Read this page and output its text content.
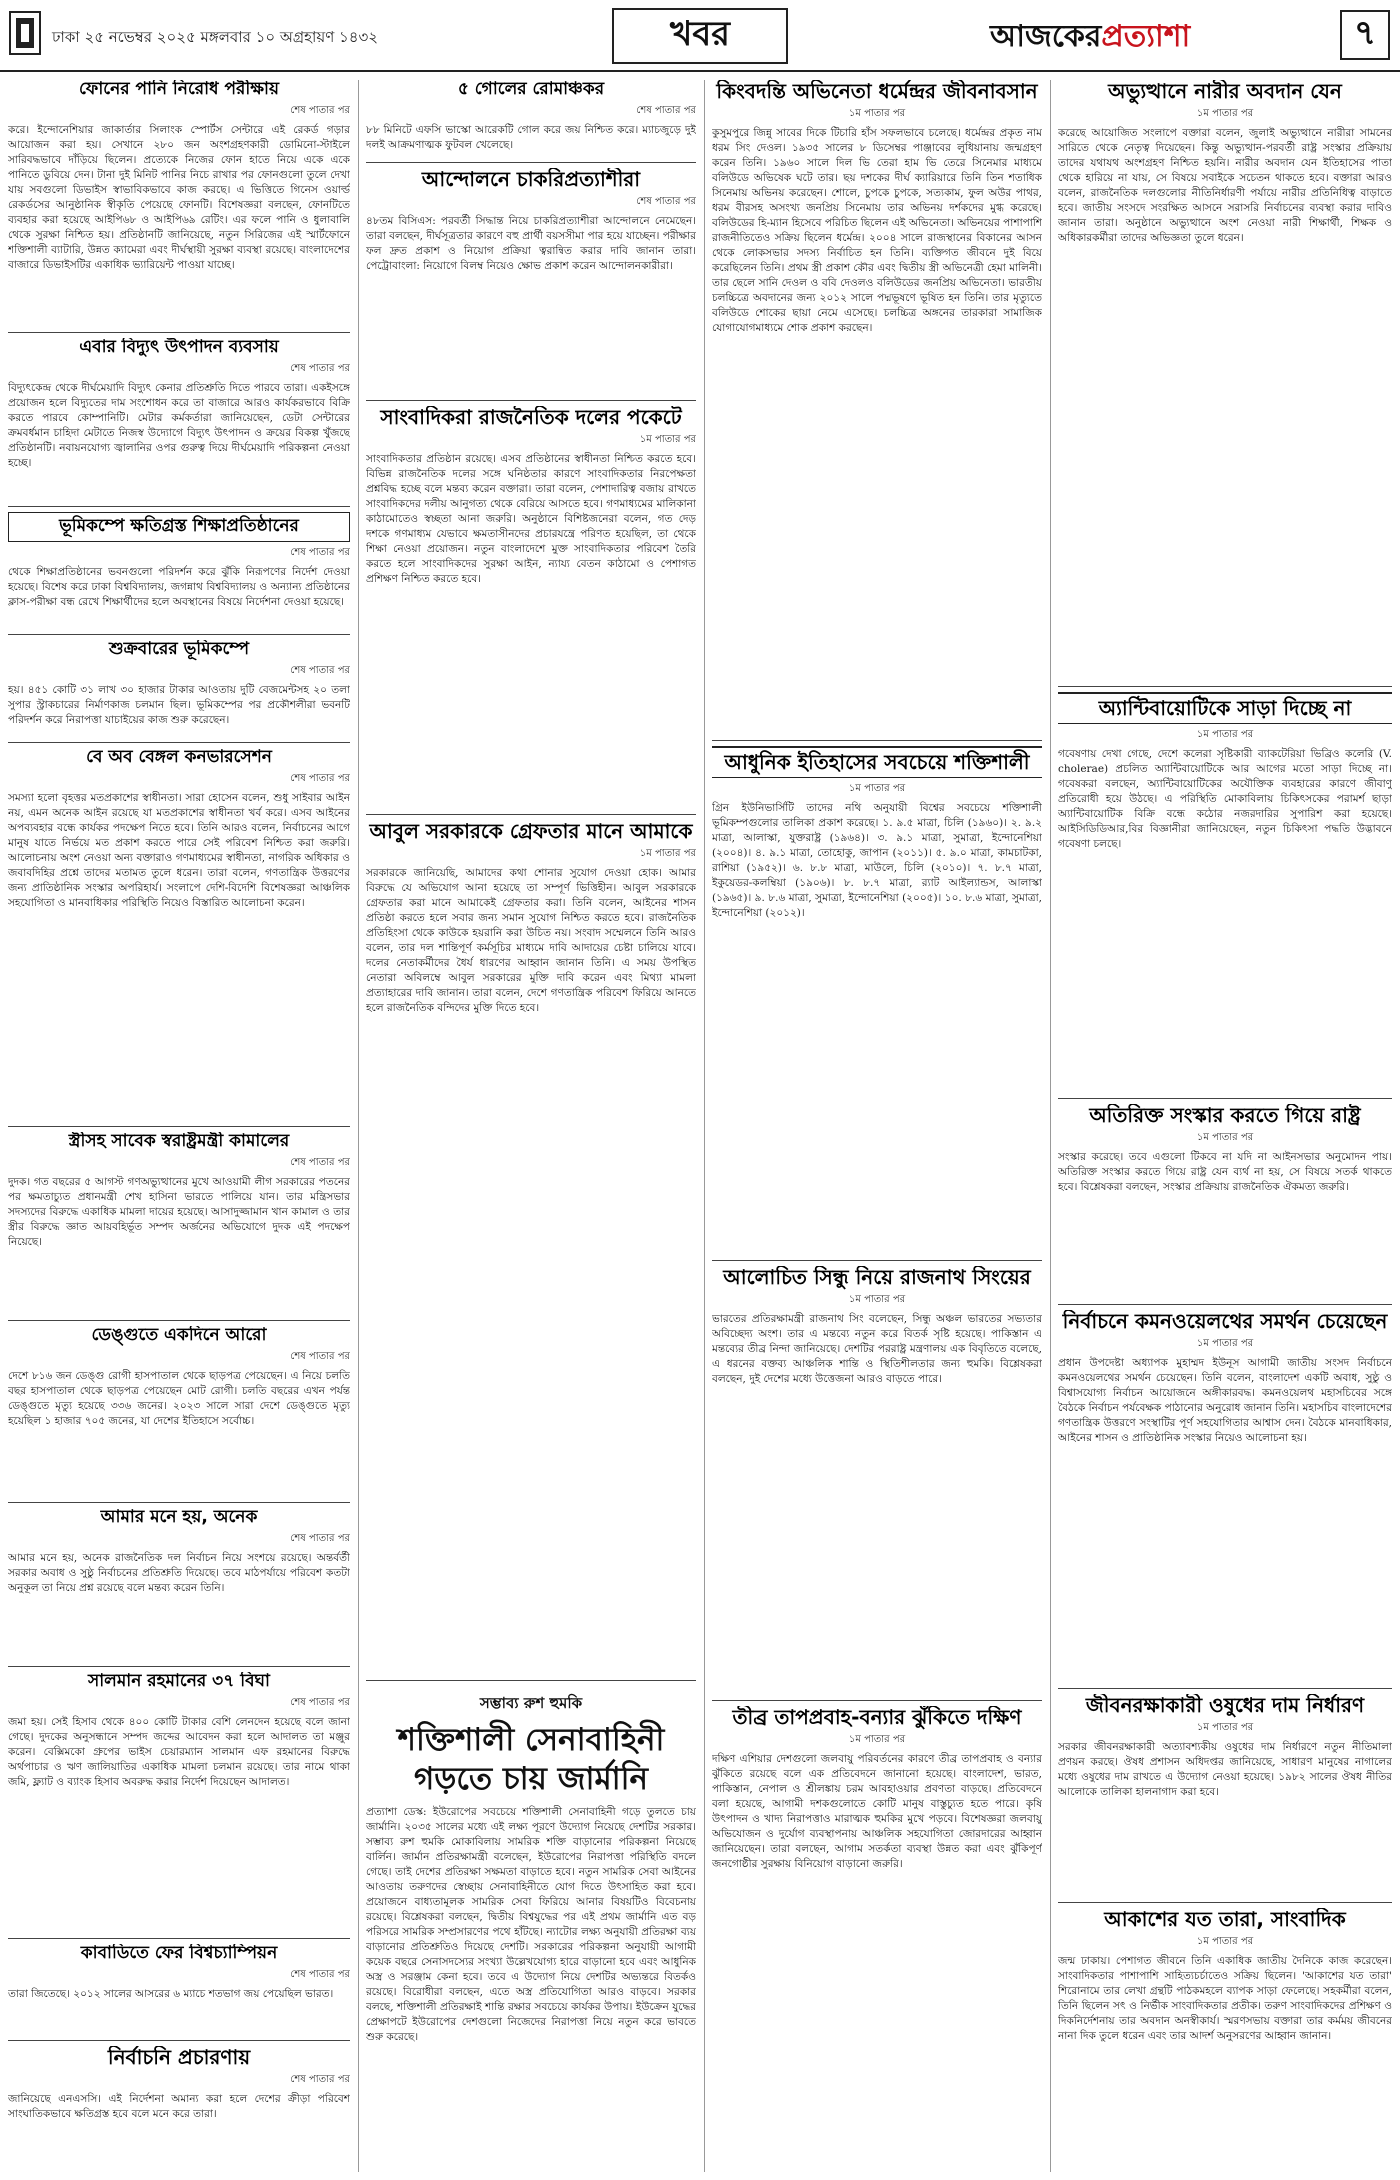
ঢাকা ২৫ নভেম্বর ২০২৫ মঙ্গলবার ১০ অগ্রহায়ণ ১৪৩২	খবর	আজকের প্রত্যাশা	৭
ফোনের পানি নিরোধ পরীক্ষায়
শেষ পাতার পর
করে। ইন্দোনেশিয়ার জাকার্তার সিলাংক স্পোর্টস সেন্টারে এই রেকর্ড গড়ার আয়োজন করা হয়। সেখানে ২৮০ জন অংশগ্রহণকারী ডোমিনো-স্টাইলে সারিবদ্ধভাবে দাঁড়িয়ে ছিলেন। প্রত্যেকে নিজের ফোন হাতে নিয়ে একে একে পানিতে ডুবিয়ে দেন। টানা দুই মিনিট পানির নিচে রাখার পর ফোনগুলো তুলে দেখা যায় সবগুলো ডিভাইস স্বাভাবিকভাবে কাজ করছে। এ ভিত্তিতে গিনেস ওয়ার্ল্ড রেকর্ডসের আনুষ্ঠানিক স্বীকৃতি পেয়েছে ফোনটি। বিশেষজ্ঞরা বলছেন, ফোনটিতে ব্যবহার করা হয়েছে আইপি৬৮ ও আইপি৬৯ রেটিং। এর ফলে পানি ও ধুলাবালি থেকে সুরক্ষা নিশ্চিত হয়। প্রতিষ্ঠানটি জানিয়েছে, নতুন সিরিজের এই স্মার্টফোনে শক্তিশালী ব্যাটারি, উন্নত ক্যামেরা এবং দীর্ঘস্থায়ী সুরক্ষা ব্যবস্থা রয়েছে। বাংলাদেশের বাজারে ডিভাইসটির একাধিক ভ্যারিয়েন্ট পাওয়া যাচ্ছে।
এবার বিদ্যুৎ উৎপাদন ব্যবসায়
শেষ পাতার পর
বিদ্যুৎকেন্দ্র থেকে দীর্ঘমেয়াদি বিদ্যুৎ কেনার প্রতিশ্রুতি দিতে পারবে তারা। একইসঙ্গে প্রয়োজন হলে বিদ্যুতের দাম সংশোধন করে তা বাজারে আরও কার্যকরভাবে বিক্রি করতে পারবে কোম্পানিটি। মেটার কর্মকর্তারা জানিয়েছেন, ডেটা সেন্টারের ক্রমবর্ধমান চাহিদা মেটাতে নিজস্ব উদ্যোগে বিদ্যুৎ উৎপাদন ও ক্রয়ের বিকল্প খুঁজছে প্রতিষ্ঠানটি। নবায়নযোগ্য জ্বালানির ওপর গুরুত্ব দিয়ে দীর্ঘমেয়াদি পরিকল্পনা নেওয়া হচ্ছে।
ভূমিকম্পে ক্ষতিগ্রস্ত শিক্ষাপ্রতিষ্ঠানের
শেষ পাতার পর
থেকে শিক্ষাপ্রতিষ্ঠানের ভবনগুলো পরিদর্শন করে ঝুঁকি নিরূপণের নির্দেশ দেওয়া হয়েছে। বিশেষ করে ঢাকা বিশ্ববিদ্যালয়, জগন্নাথ বিশ্ববিদ্যালয় ও অন্যান্য প্রতিষ্ঠানের ক্লাস-পরীক্ষা বন্ধ রেখে শিক্ষার্থীদের হলে অবস্থানের বিষয়ে নির্দেশনা দেওয়া হয়েছে।
শুক্রবারের ভূমিকম্পে
শেষ পাতার পর
হয়। ৪৫১ কোটি ৩১ লাখ ৩০ হাজার টাকার আওতায় দুটি বেজমেন্টসহ ২০ তলা সুপার স্ট্রাকচারের নির্মাণকাজ চলমান ছিল। ভূমিকম্পের পর প্রকৌশলীরা ভবনটি পরিদর্শন করে নিরাপত্তা যাচাইয়ের কাজ শুরু করেছেন।
বে অব বেঙ্গল কনভারসেশন
শেষ পাতার পর
সমস্যা হলো বৃহত্তর মতপ্রকাশের স্বাধীনতা। সারা হোসেন বলেন, শুধু সাইবার আইন নয়, এমন অনেক আইন রয়েছে যা মতপ্রকাশের স্বাধীনতা খর্ব করে। এসব আইনের অপব্যবহার বন্ধে কার্যকর পদক্ষেপ নিতে হবে। তিনি আরও বলেন, নির্বাচনের আগে মানুষ যাতে নির্ভয়ে মত প্রকাশ করতে পারে সেই পরিবেশ নিশ্চিত করা জরুরি। আলোচনায় অংশ নেওয়া অন্য বক্তারাও গণমাধ্যমের স্বাধীনতা, নাগরিক অধিকার ও জবাবদিহির প্রশ্নে তাদের মতামত তুলে ধরেন। তারা বলেন, গণতান্ত্রিক উত্তরণের জন্য প্রাতিষ্ঠানিক সংস্কার অপরিহার্য। সংলাপে দেশি-বিদেশি বিশেষজ্ঞরা আঞ্চলিক সহযোগিতা ও মানবাধিকার পরিস্থিতি নিয়েও বিস্তারিত আলোচনা করেন।
স্ত্রীসহ সাবেক স্বরাষ্ট্রমন্ত্রী কামালের
শেষ পাতার পর
দুদক। গত বছরের ৫ আগস্ট গণঅভ্যুত্থানের মুখে আওয়ামী লীগ সরকারের পতনের পর ক্ষমতাচ্যুত প্রধানমন্ত্রী শেখ হাসিনা ভারতে পালিয়ে যান। তার মন্ত্রিসভার সদস্যদের বিরুদ্ধে একাধিক মামলা দায়ের হয়েছে। আসাদুজ্জামান খান কামাল ও তার স্ত্রীর বিরুদ্ধে জ্ঞাত আয়বহির্ভূত সম্পদ অর্জনের অভিযোগে দুদক এই পদক্ষেপ নিয়েছে।
ডেঙ্গুতে একদিনে আরো
শেষ পাতার পর
দেশে ৮১৬ জন ডেঙ্গু রোগী হাসপাতাল থেকে ছাড়পত্র পেয়েছেন। এ নিয়ে চলতি বছর হাসপাতাল থেকে ছাড়পত্র পেয়েছেন মোট রোগী। চলতি বছরের এখন পর্যন্ত ডেঙ্গুতে মৃত্যু হয়েছে ৩৩৬ জনের। ২০২৩ সালে সারা দেশে ডেঙ্গুতে মৃত্যু হয়েছিল ১ হাজার ৭০৫ জনের, যা দেশের ইতিহাসে সর্বোচ্চ।
আমার মনে হয়, অনেক
শেষ পাতার পর
আমার মনে হয়, অনেক রাজনৈতিক দল নির্বাচন নিয়ে সংশয়ে রয়েছে। অন্তর্বর্তী সরকার অবাধ ও সুষ্ঠু নির্বাচনের প্রতিশ্রুতি দিয়েছে। তবে মাঠপর্যায়ে পরিবেশ কতটা অনুকূল তা নিয়ে প্রশ্ন রয়েছে বলে মন্তব্য করেন তিনি।
সালমান রহমানের ৩৭ বিঘা
শেষ পাতার পর
জমা হয়। সেই হিসাব থেকে ৪০০ কোটি টাকার বেশি লেনদেন হয়েছে বলে জানা গেছে। দুদকের অনুসন্ধানে সম্পদ জব্দের আবেদন করা হলে আদালত তা মঞ্জুর করেন। বেক্সিমকো গ্রুপের ভাইস চেয়ারম্যান সালমান এফ রহমানের বিরুদ্ধে অর্থপাচার ও ঋণ জালিয়াতির একাধিক মামলা চলমান রয়েছে। তার নামে থাকা জমি, ফ্ল্যাট ও ব্যাংক হিসাব অবরুদ্ধ করার নির্দেশ দিয়েছেন আদালত।
কাবাডিতে ফের বিশ্বচ্যাম্পিয়ন
শেষ পাতার পর
তারা জিতেছে। ২০১২ সালের আসরের ৬ ম্যাচে শতভাগ জয় পেয়েছিল ভারত।
নির্বাচনি প্রচারণায়
শেষ পাতার পর
জানিয়েছে এনএসসি। এই নির্দেশনা অমান্য করা হলে দেশের ক্রীড়া পরিবেশ সাংঘাতিকভাবে ক্ষতিগ্রস্ত হবে বলে মনে করে তারা।
৫ গোলের রোমাঞ্চকর
শেষ পাতার পর
৮৮ মিনিটে এফসি ভাস্কো আরেকটি গোল করে জয় নিশ্চিত করে। ম্যাচজুড়ে দুই দলই আক্রমণাত্মক ফুটবল খেলেছে।
আন্দোলনে চাকরিপ্রত্যাশীরা
শেষ পাতার পর
৪৮তম বিসিএস: পরবর্তী সিদ্ধান্ত নিয়ে চাকরিপ্রত্যাশীরা আন্দোলনে নেমেছেন। তারা বলছেন, দীর্ঘসূত্রতার কারণে বহু প্রার্থী বয়সসীমা পার হয়ে যাচ্ছেন। পরীক্ষার ফল দ্রুত প্রকাশ ও নিয়োগ প্রক্রিয়া ত্বরান্বিত করার দাবি জানান তারা। পেট্রোবাংলা: নিয়োগে বিলম্ব নিয়েও ক্ষোভ প্রকাশ করেন আন্দোলনকারীরা।
সাংবাদিকরা রাজনৈতিক দলের পকেটে
১ম পাতার পর
সাংবাদিকতার প্রতিষ্ঠান রয়েছে। এসব প্রতিষ্ঠানের স্বাধীনতা নিশ্চিত করতে হবে। বিভিন্ন রাজনৈতিক দলের সঙ্গে ঘনিষ্ঠতার কারণে সাংবাদিকতার নিরপেক্ষতা প্রশ্নবিদ্ধ হচ্ছে বলে মন্তব্য করেন বক্তারা। তারা বলেন, পেশাদারিত্ব বজায় রাখতে সাংবাদিকদের দলীয় আনুগত্য থেকে বেরিয়ে আসতে হবে। গণমাধ্যমের মালিকানা কাঠামোতেও স্বচ্ছতা আনা জরুরি। অনুষ্ঠানে বিশিষ্টজনেরা বলেন, গত দেড় দশকে গণমাধ্যম যেভাবে ক্ষমতাসীনদের প্রচারযন্ত্রে পরিণত হয়েছিল, তা থেকে শিক্ষা নেওয়া প্রয়োজন। নতুন বাংলাদেশে মুক্ত সাংবাদিকতার পরিবেশ তৈরি করতে হলে সাংবাদিকদের সুরক্ষা আইন, ন্যায্য বেতন কাঠামো ও পেশাগত প্রশিক্ষণ নিশ্চিত করতে হবে।
আবুল সরকারকে গ্রেফতার মানে আমাকে
১ম পাতার পর
সরকারকে জানিয়েছি, আমাদের কথা শোনার সুযোগ দেওয়া হোক। আমার বিরুদ্ধে যে অভিযোগ আনা হয়েছে তা সম্পূর্ণ ভিত্তিহীন। আবুল সরকারকে গ্রেফতার করা মানে আমাকেই গ্রেফতার করা। তিনি বলেন, আইনের শাসন প্রতিষ্ঠা করতে হলে সবার জন্য সমান সুযোগ নিশ্চিত করতে হবে। রাজনৈতিক প্রতিহিংসা থেকে কাউকে হয়রানি করা উচিত নয়। সংবাদ সম্মেলনে তিনি আরও বলেন, তার দল শান্তিপূর্ণ কর্মসূচির মাধ্যমে দাবি আদায়ের চেষ্টা চালিয়ে যাবে। দলের নেতাকর্মীদের ধৈর্য ধারণের আহ্বান জানান তিনি। এ সময় উপস্থিত নেতারা অবিলম্বে আবুল সরকারের মুক্তি দাবি করেন এবং মিথ্যা মামলা প্রত্যাহারের দাবি জানান। তারা বলেন, দেশে গণতান্ত্রিক পরিবেশ ফিরিয়ে আনতে হলে রাজনৈতিক বন্দিদের মুক্তি দিতে হবে।
সম্ভাব্য রুশ হুমকি
শক্তিশালী সেনাবাহিনী গড়তে চায় জার্মানি
প্রত্যাশা ডেস্ক: ইউরোপের সবচেয়ে শক্তিশালী সেনাবাহিনী গড়ে তুলতে চায় জার্মানি। ২০৩৫ সালের মধ্যে এই লক্ষ্য পূরণে উদ্যোগ নিয়েছে দেশটির সরকার। সম্ভাব্য রুশ হুমকি মোকাবিলায় সামরিক শক্তি বাড়ানোর পরিকল্পনা নিয়েছে বার্লিন। জার্মান প্রতিরক্ষামন্ত্রী বলেছেন, ইউরোপের নিরাপত্তা পরিস্থিতি বদলে গেছে। তাই দেশের প্রতিরক্ষা সক্ষমতা বাড়াতে হবে। নতুন সামরিক সেবা আইনের আওতায় তরুণদের স্বেচ্ছায় সেনাবাহিনীতে যোগ দিতে উৎসাহিত করা হবে। প্রয়োজনে বাধ্যতামূলক সামরিক সেবা ফিরিয়ে আনার বিষয়টিও বিবেচনায় রয়েছে। বিশ্লেষকরা বলছেন, দ্বিতীয় বিশ্বযুদ্ধের পর এই প্রথম জার্মানি এত বড় পরিসরে সামরিক সম্প্রসারণের পথে হাঁটছে। ন্যাটোর লক্ষ্য অনুযায়ী প্রতিরক্ষা ব্যয় বাড়ানোর প্রতিশ্রুতিও দিয়েছে দেশটি। সরকারের পরিকল্পনা অনুযায়ী আগামী কয়েক বছরে সেনাসদস্যের সংখ্যা উল্লেখযোগ্য হারে বাড়ানো হবে এবং আধুনিক অস্ত্র ও সরঞ্জাম কেনা হবে। তবে এ উদ্যোগ নিয়ে দেশটির অভ্যন্তরে বিতর্কও রয়েছে। বিরোধীরা বলছেন, এতে অস্ত্র প্রতিযোগিতা আরও বাড়বে। সরকার বলছে, শক্তিশালী প্রতিরক্ষাই শান্তি রক্ষার সবচেয়ে কার্যকর উপায়। ইউক্রেন যুদ্ধের প্রেক্ষাপটে ইউরোপের দেশগুলো নিজেদের নিরাপত্তা নিয়ে নতুন করে ভাবতে শুরু করেছে।
কিংবদন্তি অভিনেতা ধর্মেন্দ্রর জীবনাবসান
১ম পাতার পর
কুসুমপুরে জিন্নু সাবের দিকে টিচারি হাঁস সফলভাবে চলেছে। ধর্মেন্দ্রর প্রকৃত নাম ধরম সিং দেওল। ১৯৩৫ সালের ৮ ডিসেম্বর পাঞ্জাবের লুধিয়ানায় জন্মগ্রহণ করেন তিনি। ১৯৬০ সালে দিল ভি তেরা হাম ভি তেরে সিনেমার মাধ্যমে বলিউডে অভিষেক ঘটে তার। ছয় দশকের দীর্ঘ ক্যারিয়ারে তিনি তিন শতাধিক সিনেমায় অভিনয় করেছেন। শোলে, চুপকে চুপকে, সত্যকাম, ফুল অউর পাথর, ধরম বীরসহ অসংখ্য জনপ্রিয় সিনেমায় তার অভিনয় দর্শকদের মুগ্ধ করেছে। বলিউডের হি-ম্যান হিসেবে পরিচিত ছিলেন এই অভিনেতা। অভিনয়ের পাশাপাশি রাজনীতিতেও সক্রিয় ছিলেন ধর্মেন্দ্র। ২০০৪ সালে রাজস্থানের বিকানের আসন থেকে লোকসভার সদস্য নির্বাচিত হন তিনি। ব্যক্তিগত জীবনে দুই বিয়ে করেছিলেন তিনি। প্রথম স্ত্রী প্রকাশ কৌর এবং দ্বিতীয় স্ত্রী অভিনেত্রী হেমা মালিনী। তার ছেলে সানি দেওল ও ববি দেওলও বলিউডের জনপ্রিয় অভিনেতা। ভারতীয় চলচ্চিত্রে অবদানের জন্য ২০১২ সালে পদ্মভূষণে ভূষিত হন তিনি। তার মৃত্যুতে বলিউডে শোকের ছায়া নেমে এসেছে। চলচ্চিত্র অঙ্গনের তারকারা সামাজিক যোগাযোগমাধ্যমে শোক প্রকাশ করছেন।
আধুনিক ইতিহাসের সবচেয়ে শক্তিশালী
১ম পাতার পর
গ্রিন ইউনিভার্সিটি তাদের নথি অনুযায়ী বিশ্বের সবচেয়ে শক্তিশালী ভূমিকম্পগুলোর তালিকা প্রকাশ করেছে। ১. ৯.৫ মাত্রা, চিলি (১৯৬০)। ২. ৯.২ মাত্রা, আলাস্কা, যুক্তরাষ্ট্র (১৯৬৪)। ৩. ৯.১ মাত্রা, সুমাত্রা, ইন্দোনেশিয়া (২০০৪)। ৪. ৯.১ মাত্রা, তোহোকু, জাপান (২০১১)। ৫. ৯.০ মাত্রা, কামচাটকা, রাশিয়া (১৯৫২)। ৬. ৮.৮ মাত্রা, মাউলে, চিলি (২০১০)। ৭. ৮.৭ মাত্রা, ইকুয়েডর-কলম্বিয়া (১৯০৬)। ৮. ৮.৭ মাত্রা, র‍্যাট আইল্যান্ডস, আলাস্কা (১৯৬৫)। ৯. ৮.৬ মাত্রা, সুমাত্রা, ইন্দোনেশিয়া (২০০৫)। ১০. ৮.৬ মাত্রা, সুমাত্রা, ইন্দোনেশিয়া (২০১২)।
আলোচিত সিন্ধু নিয়ে রাজনাথ সিংয়ের
১ম পাতার পর
ভারতের প্রতিরক্ষামন্ত্রী রাজনাথ সিং বলেছেন, সিন্ধু অঞ্চল ভারতের সভ্যতার অবিচ্ছেদ্য অংশ। তার এ মন্তব্যে নতুন করে বিতর্ক সৃষ্টি হয়েছে। পাকিস্তান এ মন্তব্যের তীব্র নিন্দা জানিয়েছে। দেশটির পররাষ্ট্র মন্ত্রণালয় এক বিবৃতিতে বলেছে, এ ধরনের বক্তব্য আঞ্চলিক শান্তি ও স্থিতিশীলতার জন্য হুমকি। বিশ্লেষকরা বলছেন, দুই দেশের মধ্যে উত্তেজনা আরও বাড়তে পারে।
তীব্র তাপপ্রবাহ-বন্যার ঝুঁকিতে দক্ষিণ
১ম পাতার পর
দক্ষিণ এশিয়ার দেশগুলো জলবায়ু পরিবর্তনের কারণে তীব্র তাপপ্রবাহ ও বন্যার ঝুঁকিতে রয়েছে বলে এক প্রতিবেদনে জানানো হয়েছে। বাংলাদেশ, ভারত, পাকিস্তান, নেপাল ও শ্রীলঙ্কায় চরম আবহাওয়ার প্রবণতা বাড়ছে। প্রতিবেদনে বলা হয়েছে, আগামী দশকগুলোতে কোটি মানুষ বাস্তুচ্যুত হতে পারে। কৃষি উৎপাদন ও খাদ্য নিরাপত্তাও মারাত্মক হুমকির মুখে পড়বে। বিশেষজ্ঞরা জলবায়ু অভিযোজন ও দুর্যোগ ব্যবস্থাপনায় আঞ্চলিক সহযোগিতা জোরদারের আহ্বান জানিয়েছেন। তারা বলছেন, আগাম সতর্কতা ব্যবস্থা উন্নত করা এবং ঝুঁকিপূর্ণ জনগোষ্ঠীর সুরক্ষায় বিনিয়োগ বাড়ানো জরুরি।
অভ্যুত্থানে নারীর অবদান যেন
১ম পাতার পর
করেছে আয়োজিত সংলাপে বক্তারা বলেন, জুলাই অভ্যুত্থানে নারীরা সামনের সারিতে থেকে নেতৃত্ব দিয়েছেন। কিন্তু অভ্যুত্থান-পরবর্তী রাষ্ট্র সংস্কার প্রক্রিয়ায় তাদের যথাযথ অংশগ্রহণ নিশ্চিত হয়নি। নারীর অবদান যেন ইতিহাসের পাতা থেকে হারিয়ে না যায়, সে বিষয়ে সবাইকে সচেতন থাকতে হবে। বক্তারা আরও বলেন, রাজনৈতিক দলগুলোর নীতিনির্ধারণী পর্যায়ে নারীর প্রতিনিধিত্ব বাড়াতে হবে। জাতীয় সংসদে সংরক্ষিত আসনে সরাসরি নির্বাচনের ব্যবস্থা করার দাবিও জানান তারা। অনুষ্ঠানে অভ্যুত্থানে অংশ নেওয়া নারী শিক্ষার্থী, শিক্ষক ও অধিকারকর্মীরা তাদের অভিজ্ঞতা তুলে ধরেন।
অ্যান্টিবায়োটিকে সাড়া দিচ্ছে না
১ম পাতার পর
গবেষণায় দেখা গেছে, দেশে কলেরা সৃষ্টিকারী ব্যাকটেরিয়া ভিব্রিও কলেরি (V. cholerae) প্রচলিত অ্যান্টিবায়োটিকে আর আগের মতো সাড়া দিচ্ছে না। গবেষকরা বলছেন, অ্যান্টিবায়োটিকের অযৌক্তিক ব্যবহারের কারণে জীবাণু প্রতিরোধী হয়ে উঠছে। এ পরিস্থিতি মোকাবিলায় চিকিৎসকের পরামর্শ ছাড়া অ্যান্টিবায়োটিক বিক্রি বন্ধে কঠোর নজরদারির সুপারিশ করা হয়েছে। আইসিডিডিআর,বির বিজ্ঞানীরা জানিয়েছেন, নতুন চিকিৎসা পদ্ধতি উদ্ভাবনে গবেষণা চলছে।
অতিরিক্ত সংস্কার করতে গিয়ে রাষ্ট্র
১ম পাতার পর
সংস্কার করেছে। তবে এগুলো টিকবে না যদি না আইনসভার অনুমোদন পায়। অতিরিক্ত সংস্কার করতে গিয়ে রাষ্ট্র যেন ব্যর্থ না হয়, সে বিষয়ে সতর্ক থাকতে হবে। বিশ্লেষকরা বলছেন, সংস্কার প্রক্রিয়ায় রাজনৈতিক ঐকমত্য জরুরি।
নির্বাচনে কমনওয়েলথের সমর্থন চেয়েছেন
১ম পাতার পর
প্রধান উপদেষ্টা অধ্যাপক মুহাম্মদ ইউনূস আগামী জাতীয় সংসদ নির্বাচনে কমনওয়েলথের সমর্থন চেয়েছেন। তিনি বলেন, বাংলাদেশ একটি অবাধ, সুষ্ঠু ও বিশ্বাসযোগ্য নির্বাচন আয়োজনে অঙ্গীকারবদ্ধ। কমনওয়েলথ মহাসচিবের সঙ্গে বৈঠকে নির্বাচন পর্যবেক্ষক পাঠানোর অনুরোধ জানান তিনি। মহাসচিব বাংলাদেশের গণতান্ত্রিক উত্তরণে সংস্থাটির পূর্ণ সহযোগিতার আশ্বাস দেন। বৈঠকে মানবাধিকার, আইনের শাসন ও প্রাতিষ্ঠানিক সংস্কার নিয়েও আলোচনা হয়।
জীবনরক্ষাকারী ওষুধের দাম নির্ধারণ
১ম পাতার পর
সরকার জীবনরক্ষাকারী অত্যাবশ্যকীয় ওষুধের দাম নির্ধারণে নতুন নীতিমালা প্রণয়ন করছে। ঔষধ প্রশাসন অধিদপ্তর জানিয়েছে, সাধারণ মানুষের নাগালের মধ্যে ওষুধের দাম রাখতে এ উদ্যোগ নেওয়া হয়েছে। ১৯৮২ সালের ঔষধ নীতির আলোকে তালিকা হালনাগাদ করা হবে।
আকাশের যত তারা, সাংবাদিক
১ম পাতার পর
জন্ম ঢাকায়। পেশাগত জীবনে তিনি একাধিক জাতীয় দৈনিকে কাজ করেছেন। সাংবাদিকতার পাশাপাশি সাহিত্যচর্চাতেও সক্রিয় ছিলেন। 'আকাশের যত তারা' শিরোনামে তার লেখা গ্রন্থটি পাঠকমহলে ব্যাপক সাড়া ফেলেছে। সহকর্মীরা বলেন, তিনি ছিলেন সৎ ও নির্ভীক সাংবাদিকতার প্রতীক। তরুণ সাংবাদিকদের প্রশিক্ষণ ও দিকনির্দেশনায় তার অবদান অনস্বীকার্য। স্মরণসভায় বক্তারা তার কর্মময় জীবনের নানা দিক তুলে ধরেন এবং তার আদর্শ অনুসরণের আহ্বান জানান।
